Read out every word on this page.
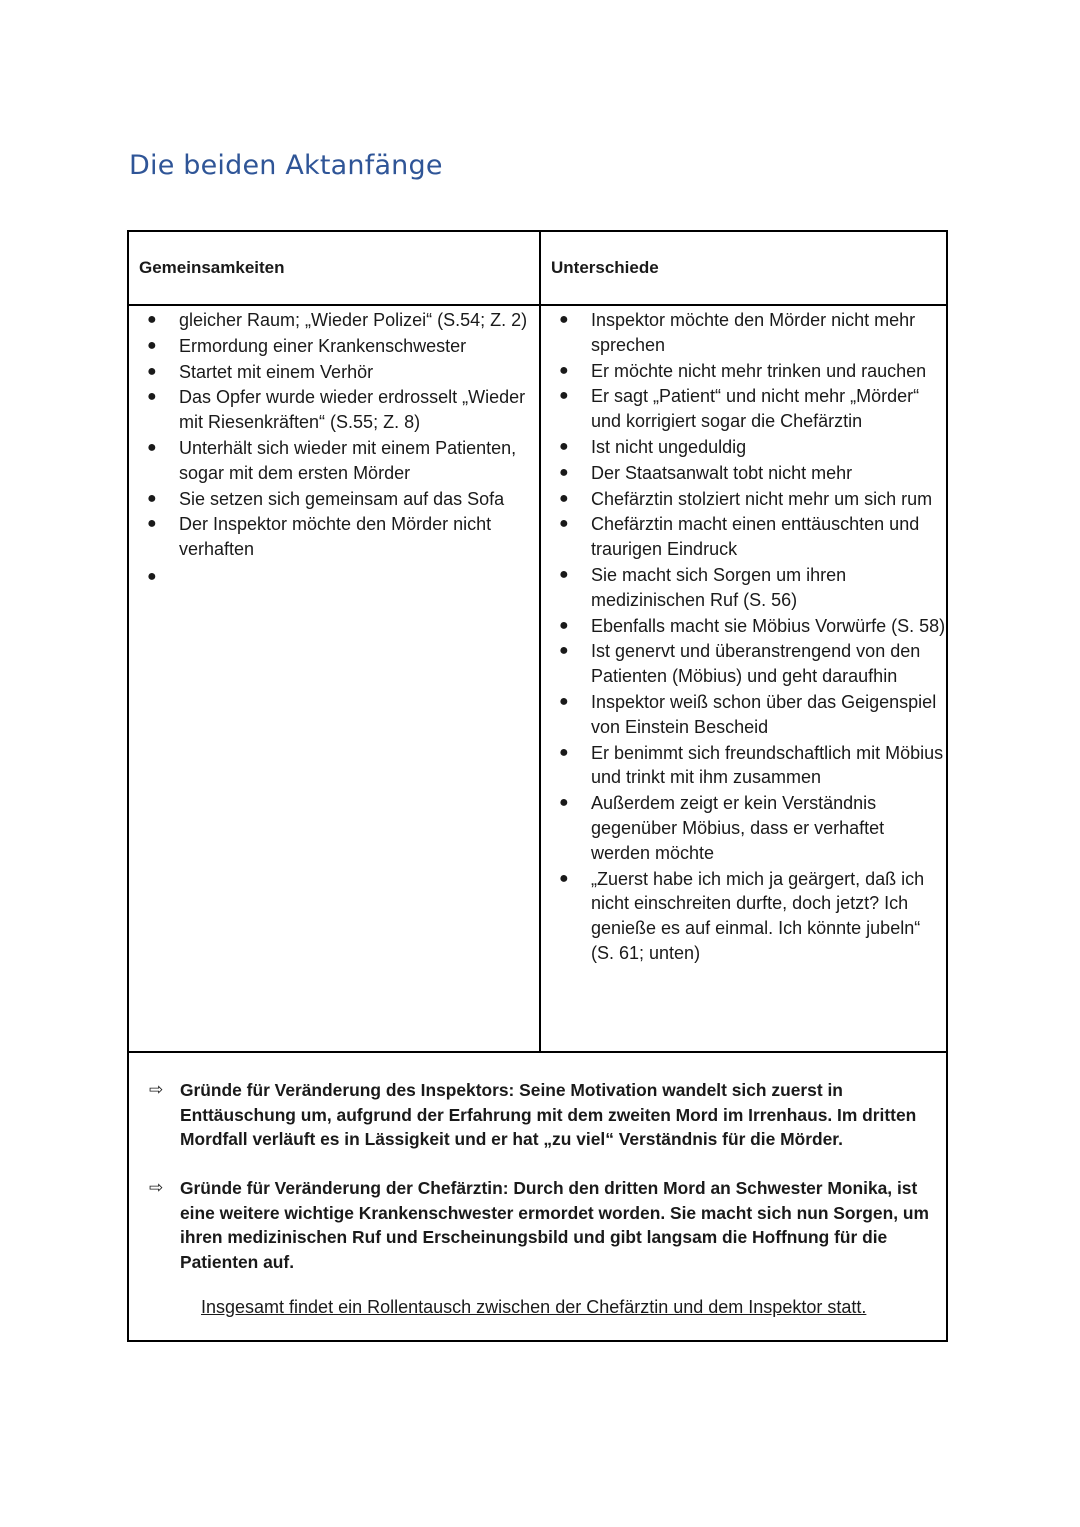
Die beiden Aktanfänge
Gemeinsamkeiten	Unterschiede
● gleicher Raum; „Wieder Polizei“ (S.54; Z. 2)
● Ermordung einer Krankenschwester
● Startet mit einem Verhör
● Das Opfer wurde wieder erdrosselt „Wieder mit Riesenkräften“ (S.55; Z. 8)
● Unterhält sich wieder mit einem Patienten, sogar mit dem ersten Mörder
● Sie setzen sich gemeinsam auf das Sofa
● Der Inspektor möchte den Mörder nicht verhaften
●

● Inspektor möchte den Mörder nicht mehr sprechen
● Er möchte nicht mehr trinken und rauchen
● Er sagt „Patient“ und nicht mehr „Mörder“ und korrigiert sogar die Chefärztin
● Ist nicht ungeduldig
● Der Staatsanwalt tobt nicht mehr
● Chefärztin stolziert nicht mehr um sich rum
● Chefärztin macht einen enttäuschten und traurigen Eindruck
● Sie macht sich Sorgen um ihren medizinischen Ruf (S. 56)
● Ebenfalls macht sie Möbius Vorwürfe (S. 58)
● Ist genervt und überanstrengend von den Patienten (Möbius) und geht daraufhin
● Inspektor weiß schon über das Geigenspiel von Einstein Bescheid
● Er benimmt sich freundschaftlich mit Möbius und trinkt mit ihm zusammen
● Außerdem zeigt er kein Verständnis gegenüber Möbius, dass er verhaftet werden möchte
● „Zuerst habe ich mich ja geärgert, daß ich nicht einschreiten durfte, doch jetzt? Ich genieße es auf einmal. Ich könnte jubeln“ (S. 61; unten)
⇨ Gründe für Veränderung des Inspektors: Seine Motivation wandelt sich zuerst in Enttäuschung um, aufgrund der Erfahrung mit dem zweiten Mord im Irrenhaus. Im dritten Mordfall verläuft es in Lässigkeit und er hat „zu viel“ Verständnis für die Mörder.
⇨ Gründe für Veränderung der Chefärztin: Durch den dritten Mord an Schwester Monika, ist eine weitere wichtige Krankenschwester ermordet worden. Sie macht sich nun Sorgen, um ihren medizinischen Ruf und Erscheinungsbild und gibt langsam die Hoffnung für die Patienten auf.
Insgesamt findet ein Rollentausch zwischen der Chefärztin und dem Inspektor statt.
